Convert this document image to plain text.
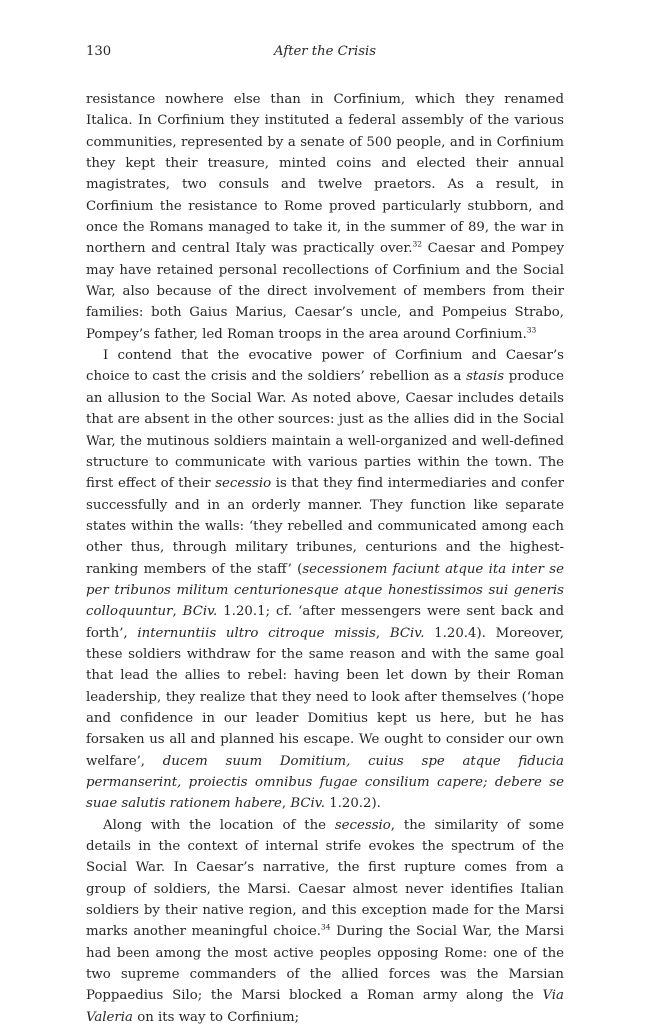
130	After the Crisis

resistance nowhere else than in Corfinium, which they renamed Italica. In Corfinium they instituted a federal assembly of the various communities, represented by a senate of 500 people, and in Corfinium they kept their treasure, minted coins and elected their annual magistrates, two consuls and twelve praetors. As a result, in Corfinium the resistance to Rome proved particularly stubborn, and once the Romans managed to take it, in the summer of 89, the war in northern and central Italy was practically over.$^{32}$ Caesar and Pompey may have retained personal recollections of Corfinium and the Social War, also because of the direct involvement of members from their families: both Gaius Marius, Caesar’s uncle, and Pompeius Strabo, Pompey’s father, led Roman troops in the area around Corfinium.$^{33}$

I contend that the evocative power of Corfinium and Caesar’s choice to cast the crisis and the soldiers’ rebellion as a stasis produce an allusion to the Social War. As noted above, Caesar includes details that are absent in the other sources: just as the allies did in the Social War, the mutinous soldiers maintain a well-organized and well-defined structure to communicate with various parties within the town. The first effect of their secessio is that they find intermediaries and confer successfully and in an orderly manner. They function like separate states within the walls: ‘they rebelled and communicated among each other thus, through military tribunes, centurions and the highest-ranking members of the staff’ (secessionem faciunt atque ita inter se per tribunos militum centurionesque atque honestissimos sui generis colloquuntur, BCiv. 1.20.1; cf. ‘after messengers were sent back and forth’, internuntiis ultro citroque missis, BCiv. 1.20.4). Moreover, these soldiers withdraw for the same reason and with the same goal that lead the allies to rebel: having been let down by their Roman leadership, they realize that they need to look after themselves (‘hope and confidence in our leader Domitius kept us here, but he has forsaken us all and planned his escape. We ought to consider our own welfare’, ducem suum Domitium, cuius spe atque fiducia permanserint, proiectis omnibus fugae consilium capere; debere se suae salutis rationem habere, BCiv. 1.20.2).

Along with the location of the secessio, the similarity of some details in the context of internal strife evokes the spectrum of the Social War. In Caesar’s narrative, the first rupture comes from a group of soldiers, the Marsi. Caesar almost never identifies Italian soldiers by their native region, and this exception made for the Marsi marks another meaningful choice.$^{34}$ During the Social War, the Marsi had been among the most active peoples opposing Rome: one of the two supreme commanders of the allied forces was the Marsian Poppaedius Silo; the Marsi blocked a Roman army along the Via Valeria on its way to Corfinium;
